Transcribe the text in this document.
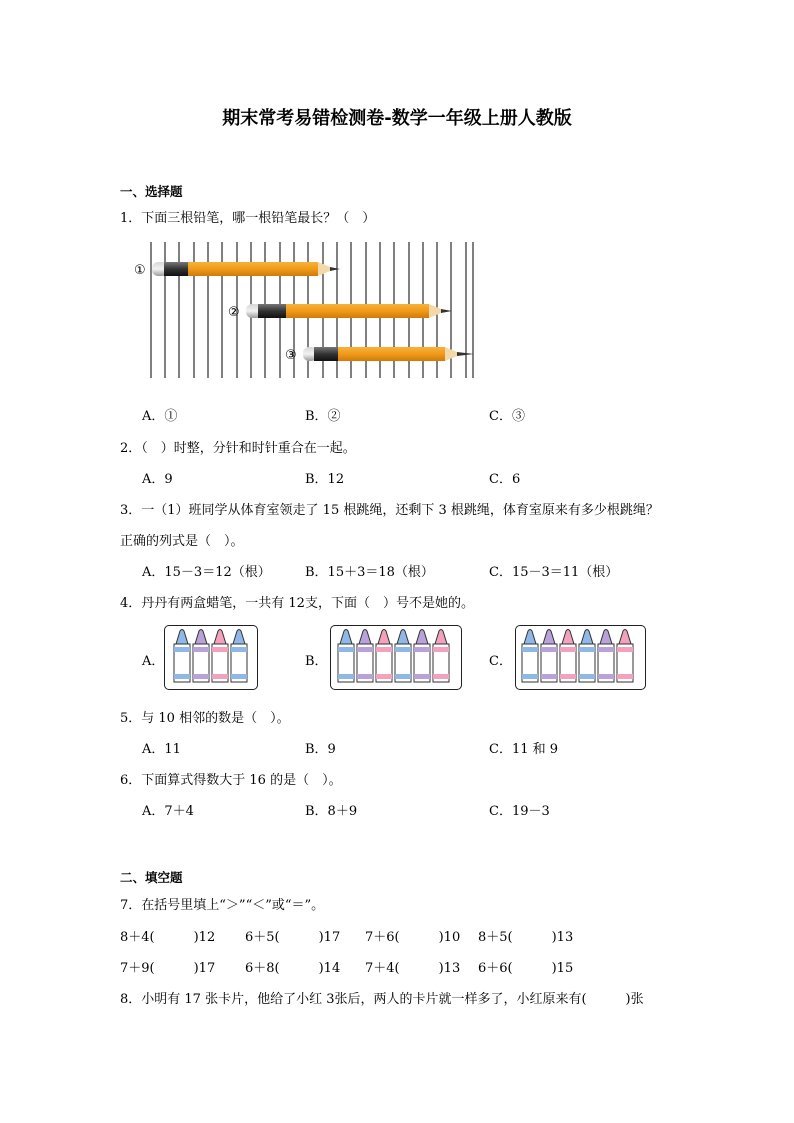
期末常考易错检测卷-数学一年级上册人教版
一、选择题
1．下面三根铅笔，哪一根铅笔最长？（　）
①
②
③
A．①	B．②	C．③
2．（　）时整，分针和时针重合在一起。
A．9	B．12	C．6
3．一（1）班同学从体育室领走了 15 根跳绳，还剩下 3 根跳绳，体育室原来有多少根跳绳？
正确的列式是（　）。
A．15－3＝12（根）	B．15＋3＝18（根）	C．15－3＝11（根）
4．丹丹有两盒蜡笔，一共有 12支，下面（　）号不是她的。
A．	B．	C．
5．与 10 相邻的数是（　）。
A．11	B．9	C．11 和 9
6．下面算式得数大于 16 的是（　）。
A．7＋4	B．8＋9	C．19－3
二、填空题
7．在括号里填上“＞”“＜”或“＝”。
8＋4(　　　)12 6＋5(　　　)17 7＋6(　　　)10 8＋5(　　　)13
7＋9(　　　)17 6＋8(　　　)14 7＋4(　　　)13 6＋6(　　　)15
8．小明有 17 张卡片，他给了小红 3张后，两人的卡片就一样多了，小红原来有(　　　)张
